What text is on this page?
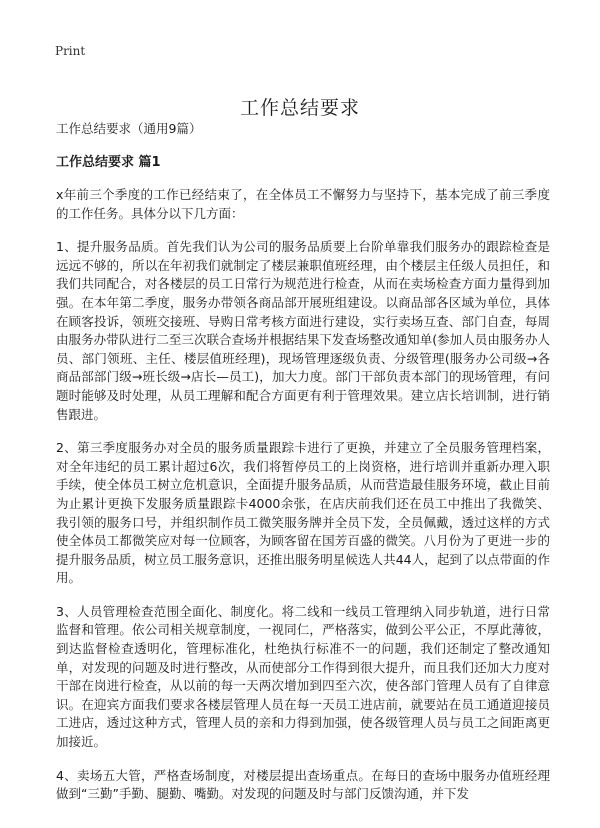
Print
工作总结要求

工作总结要求（通用9篇）

工作总结要求 篇1

x年前三个季度的工作已经结束了，在全体员工不懈努力与坚持下，基本完成了前三季度的工作任务。具体分以下几方面：

1、提升服务品质。首先我们认为公司的服务品质要上台阶单靠我们服务办的跟踪检查是远远不够的，所以在年初我们就制定了楼层兼职值班经理，由个楼层主任级人员担任，和我们共同配合，对各楼层的员工日常行为规范进行检查，从而在卖场检查方面力量得到加强。在本年第二季度，服务办带领各商品部开展班组建设。以商品部各区域为单位，具体在顾客投诉，领班交接班、导购日常考核方面进行建设，实行卖场互查、部门自查，每周由服务办带队进行二至三次联合查场并根据结果下发查场整改通知单(参加人员由服务办人员、部门领班、主任、楼层值班经理)，现场管理逐级负责、分级管理(服务办公司级→各商品部部门级→班长级→店长—员工)，加大力度。部门干部负责本部门的现场管理，有问题时能够及时处理，从员工理解和配合方面更有利于管理效果。建立店长培训制，进行销售跟进。

2、第三季度服务办对全员的服务质量跟踪卡进行了更换，并建立了全员服务管理档案，对全年违纪的员工累计超过6次，我们将暂停员工的上岗资格，进行培训并重新办理入职手续，使全体员工树立危机意识，全面提升服务品质，从而营造最佳服务环境，截止目前为止累计更换下发服务质量跟踪卡4000余张，在店庆前我们还在员工中推出了我微笑、我引领的服务口号，并组织制作员工微笑服务牌并全员下发，全员佩戴，透过这样的方式使全体员工都微笑应对每一位顾客，为顾客留在国芳百盛的微笑。八月份为了更进一步的提升服务品质，树立员工服务意识，还推出服务明星候选人共44人，起到了以点带面的作用。

3、人员管理检查范围全面化、制度化。将二线和一线员工管理纳入同步轨道，进行日常监督和管理。依公司相关规章制度，一视同仁，严格落实，做到公平公正，不厚此薄彼，到达监督检查透明化，管理标准化，杜绝执行标准不一的问题，我们还制定了整改通知单，对发现的问题及时进行整改，从而使部分工作得到很大提升，而且我们还加大力度对干部在岗进行检查，从以前的每一天两次增加到四至六次，使各部门管理人员有了自律意识。在迎宾方面我们要求各楼层管理人员在每一天员工进店前，就要站在员工通道迎接员工进店，透过这种方式，管理人员的亲和力得到加强，使各级管理人员与员工之间距离更加接近。

4、卖场五大管，严格查场制度，对楼层提出查场重点。在每日的查场中服务办值班经理做到“三勤”手勤、腿勤、嘴勤。对发现的问题及时与部门反馈沟通，并下发
